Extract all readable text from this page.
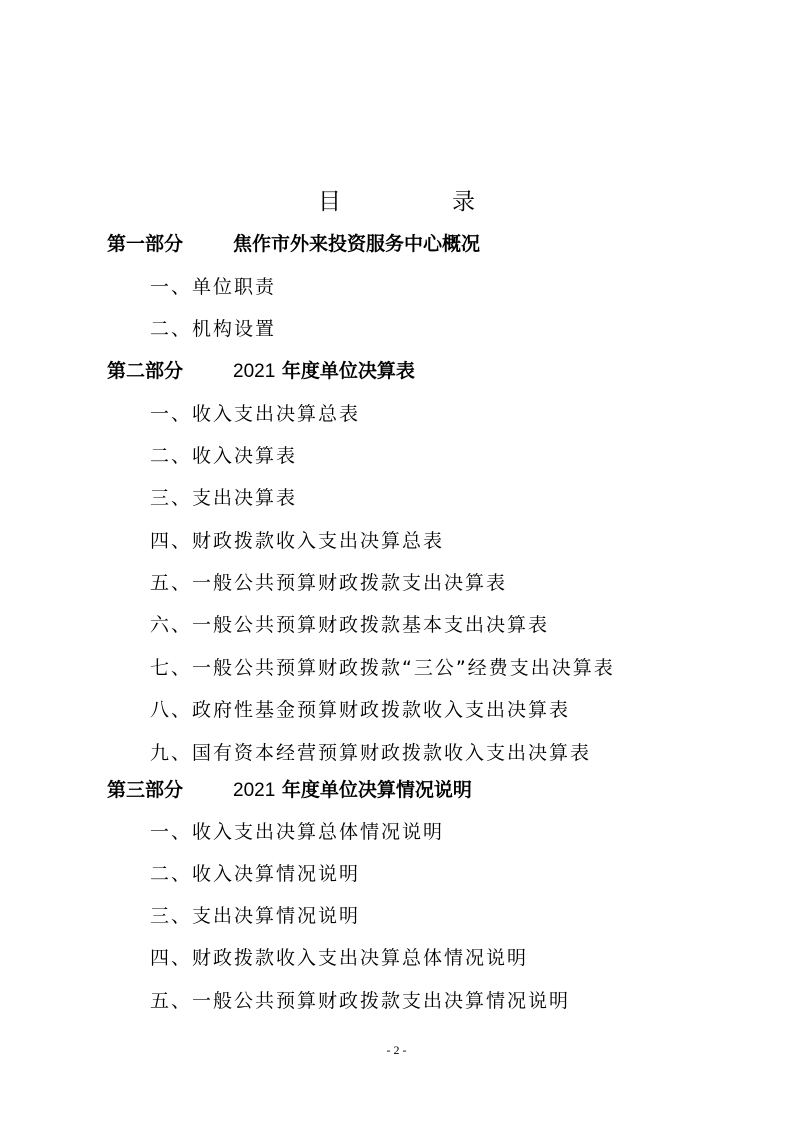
目　录
第一部分	焦作市外来投资服务中心概况
一、单位职责
二、机构设置
第二部分	2021 年度单位决算表
一、收入支出决算总表
二、收入决算表
三、支出决算表
四、财政拨款收入支出决算总表
五、一般公共预算财政拨款支出决算表
六、一般公共预算财政拨款基本支出决算表
七、一般公共预算财政拨款“三公”经费支出决算表
八、政府性基金预算财政拨款收入支出决算表
九、国有资本经营预算财政拨款收入支出决算表
第三部分	2021 年度单位决算情况说明
一、收入支出决算总体情况说明
二、收入决算情况说明
三、支出决算情况说明
四、财政拨款收入支出决算总体情况说明
五、一般公共预算财政拨款支出决算情况说明
- 2 -
